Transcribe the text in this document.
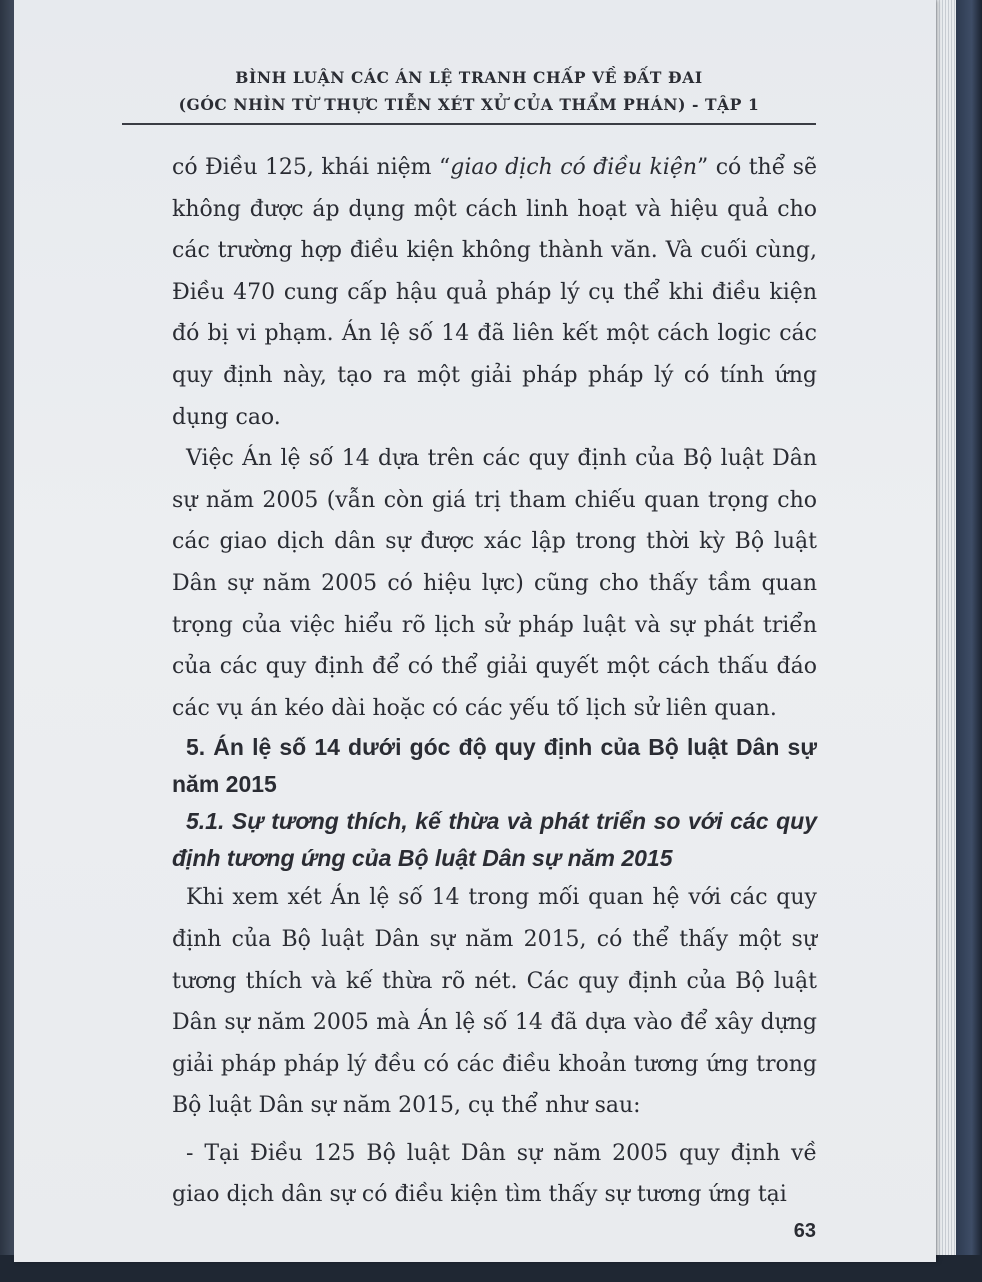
BÌNH LUẬN CÁC ÁN LỆ TRANH CHẤP VỀ ĐẤT ĐAI
(GÓC NHÌN TỪ THỰC TIỄN XÉT XỬ CỦA THẨM PHÁN) - TẬP 1

có Điều 125, khái niệm “giao dịch có điều kiện” có thể sẽ không được áp dụng một cách linh hoạt và hiệu quả cho các trường hợp điều kiện không thành văn. Và cuối cùng, Điều 470 cung cấp hậu quả pháp lý cụ thể khi điều kiện đó bị vi phạm. Án lệ số 14 đã liên kết một cách logic các quy định này, tạo ra một giải pháp pháp lý có tính ứng dụng cao.

Việc Án lệ số 14 dựa trên các quy định của Bộ luật Dân sự năm 2005 (vẫn còn giá trị tham chiếu quan trọng cho các giao dịch dân sự được xác lập trong thời kỳ Bộ luật Dân sự năm 2005 có hiệu lực) cũng cho thấy tầm quan trọng của việc hiểu rõ lịch sử pháp luật và sự phát triển của các quy định để có thể giải quyết một cách thấu đáo các vụ án kéo dài hoặc có các yếu tố lịch sử liên quan.

5. Án lệ số 14 dưới góc độ quy định của Bộ luật Dân sự năm 2015

5.1. Sự tương thích, kế thừa và phát triển so với các quy định tương ứng của Bộ luật Dân sự năm 2015

Khi xem xét Án lệ số 14 trong mối quan hệ với các quy định của Bộ luật Dân sự năm 2015, có thể thấy một sự tương thích và kế thừa rõ nét. Các quy định của Bộ luật Dân sự năm 2005 mà Án lệ số 14 đã dựa vào để xây dựng giải pháp pháp lý đều có các điều khoản tương ứng trong Bộ luật Dân sự năm 2015, cụ thể như sau:

- Tại Điều 125 Bộ luật Dân sự năm 2005 quy định về giao dịch dân sự có điều kiện tìm thấy sự tương ứng tại

63
